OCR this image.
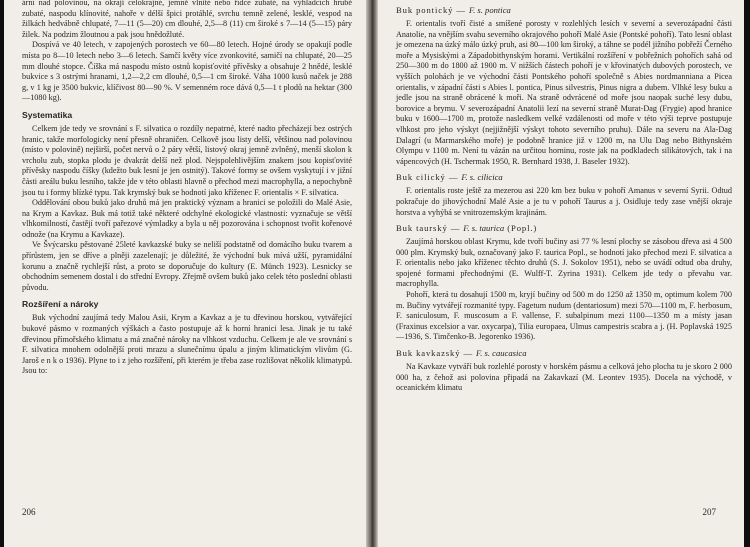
ární nad polovinou, na okraji celokrajné, jemně vlnité nebo řídce zubaté, na výhladcích hrubě zubaté, naspodu klínovité, nahoře v délší špici protáhlé, svrchu temně zelené, lesklé, vespod na žilkách hedvábně chlupaté, 7—11 (5—20) cm dlouhé, 2,5—8 (11) cm široké s 7—14 (5—15) páry žilek. Na podzim žloutnou a pak jsou hnědožluté.

Dospívá ve 40 letech, v zapojených porostech ve 60—80 letech. Hojné úrody se opakují podle místa po 8—10 letech nebo 3—6 letech. Samčí květy více zvonkovité, samičí na chlupaté, 20—25 mm dlouhé stopce. Číška má naspodu místo ostnů kopisťovité přívěsky a obsahuje 2 hnědé, lesklé bukvice s 3 ostrými hranami, 1,2—2,2 cm dlouhé, 0,5—1 cm široké. Váha 1000 kusů naček je 288 g, v 1 kg je 3500 bukvic, klíčivost 80—90 %. V semenném roce dává 0,5—1 t plodů na hektar (300—1080 kg).

Systematika

Celkem jde tedy ve srovnání s F. silvatica o rozdíly nepatrné, které nadto přecházejí bez ostrých hranic, takže morfologicky není přesně ohraničen. Celkově jsou listy delší, většinou nad polovinou (místo v polovině) nejširší, počet nervů o 2 páry větší, listový okraj jemně zvlněný, menší skolon k vrcholu zub, stopka plodu je dvakrát delší než plod. Nejspolehlivějším znakem jsou kopisťovité přívěsky naspodu číšky (kdežto buk lesní je jen ostnitý). Takové formy se ovšem vyskytují i v jižní části areálu buku lesního, takže jde v této oblasti hlavně o přechod mezi macrophylla, a nepochybně jsou tu i formy blízké typu. Tak krymský buk se hodnotí jako kříženec F. orientalis × F. silvatica.

Oddělování obou buků jako druhů má jen praktický význam a hranici se položili do Malé Asie, na Krym a Kavkaz. Buk má totiž také některé odchylné ekologické vlastnosti: vyznačuje se větší vlhkomilností, častějí tvoří pařezové výmladky a byla u něj pozorována i schopnost tvořit kořenové odnože (na Krymu a Kavkaze).

Ve Švýcarsku pěstované 25leté kavkazské buky se neliší podstatně od domácího buku tvarem a přírůstem, jen se dříve a plněji zazelenají; je důležité, že východní buk mívá užší, pyramidální korunu a značně rychlejší růst, a proto se doporučuje do kultury (E. Münch 1923). Lesnicky se obchodním semenem dostal i do střední Evropy. Zřejmě ovšem buků jako celek této poslední oblasti původu.

Rozšíření a nároky

Buk východní zaujímá tedy Malou Asii, Krym a Kavkaz a je tu dřevinou horskou, vytvářející bukové pásmo v rozmaných výškách a často postupuje až k horní hranici lesa. Jinak je tu také dřevinou přímořského klimatu a má značné nároky na vlhkost vzduchu. Celkem je ale ve srovnání s F. silvatica mnohem odolnější proti mrazu a slunečnímu úpalu a jiným klimatickým vlivům (G. Jaroš e n k o 1936). Plyne to i z jeho rozšíření, při kterém je třeba zase rozlišovat několik klimatypů. Jsou to:

206
Buk pontický — F. s. pontica

F. orientalis tvoří čisté a smíšené porosty v rozlehlých lesích v severní a severozápadní části Anatolie, na vnějším svahu severního okrajového pohoří Malé Asie (Pontské pohoří). Tato lesní oblast je omezena na úzký málo úzký pruh, asi 80—100 km široký, a táhne se podél jižního pobřeží Černého moře a Mysiskými a Západobithynským horami. Vertikální rozšíření v pobřežních pohořích sahá od 250—300 m do 1800 až 1900 m. V nižších částech pohoří je v křovinatých dubových porostech, ve vyšších polohách je ve východní části Pontského pohoří společně s Abies nordmanniana a Picea orientalis, v západní části s Abies l. pontica, Pinus silvestris, Pinus nigra a dubem. Vlhké lesy buku a jedle jsou na straně obrácené k moři. Na straně odvrácené od moře jsou naopak suché lesy dubu, borovice a brymu. V severozápadní Anatolii lezí na severní straně Murat-Dag (Frygie) apod hranice buku v 1600—1700 m, protože nasledkem velké vzdálenosti od moře v této výši teprve postupuje vlhkost pro jeho výskyt (nejjižnější výskyt tohoto severního pruhu). Dále na severu na Ala-Dag Dalagrí (u Marmarského moře) je podobně hranice již v 1200 m, na Ulu Dag nebo Bithynském Olympu v 1100 m. Není tu vázán na určitou horninu, roste jak na podkladech silikátových, tak i na vápencových (H. Tschermak 1950, R. Bernhard 1938, J. Baseler 1932).

Buk cilický — F. s. cilicica

F. orientalis roste ještě za mezerou asi 220 km bez buku v pohoří Amanus v severní Syrii. Odtud pokračuje do jihovýchodní Malé Asie a je tu v pohoří Taurus a j. Osidluje tedy zase vnější okraje horstva a vyhýbá se vnitrozemským krajinám.

Buk taurský — F. s. taurica (Popl.)

Zaujímá horskou oblast Krymu, kde tvoří bučiny asi 77 % lesní plochy se zásobou dřeva asi 4 500 000 plm. Krymský buk, označovaný jako F. taurica Popl., se hodnotí jako přechod mezi F. silvatica a F. orientalis nebo jako kříženec těchto druhů (S. J. Sokolov 1951), nebo se uvádí odtud oba druhy, spojené formami přechodnými (E. Wulff-T. Zyrina 1931). Celkem jde tedy o převahu var. macrophylla.

Pohoří, která tu dosahují 1500 m, kryjí bučiny od 500 m do 1250 až 1350 m, optimum kolem 700 m. Bučiny vytvářejí rozmanité typy. Fagetum nudum (dentariosum) mezi 570—1100 m, F. herbosum, F. saniculosum, F. muscosum a F. vallense, F. subalpinum mezi 1100—1350 m a místy jasan (Fraxinus excelsior a var. oxycarpa), Tilia europaea, Ulmus campestris scabra a j. (H. Poplavská 1925—1936, S. Timčenko-B. Jegorenko 1936).

Buk kavkazský — F. s. caucasica

Na Kavkaze vytváří buk rozlehlé porosty v horském pásmu a celková jeho plocha tu je skoro 2 000 000 ha, z čehož asi polovina připadá na Zakavkazí (M. Leontev 1935). Docela na východě, v oceanickém klimatu

207
